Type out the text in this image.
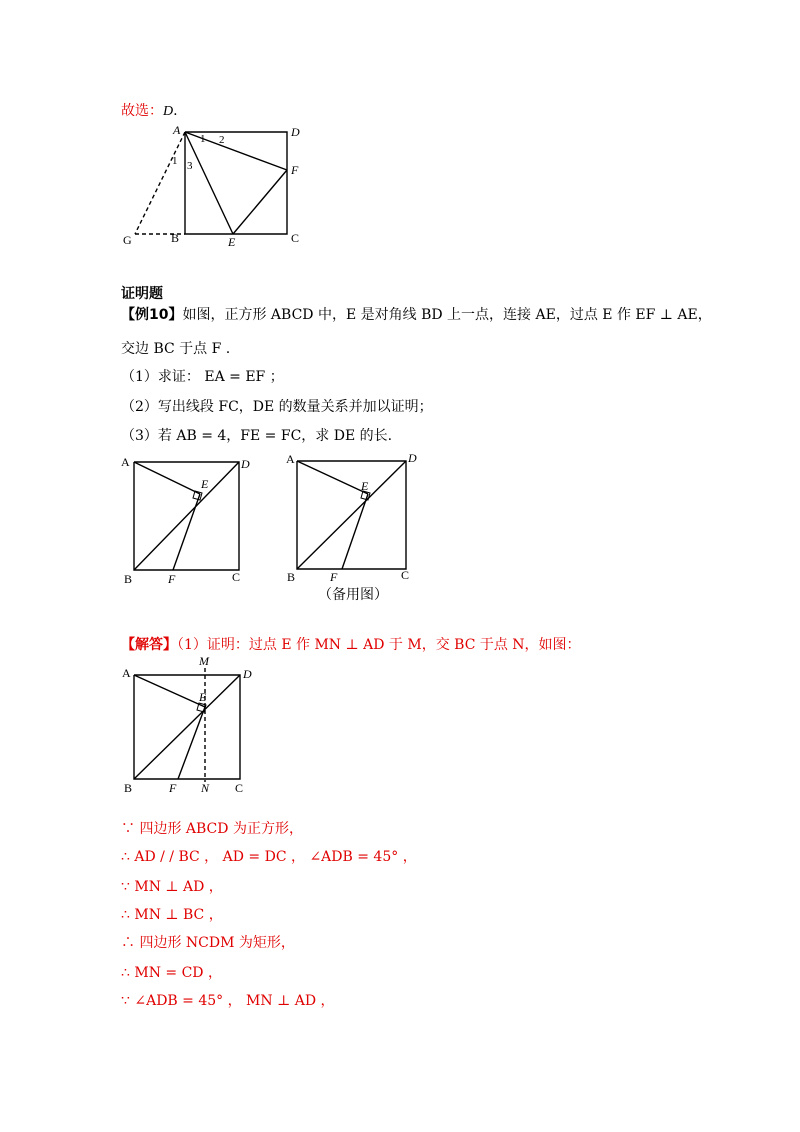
故选：D.
A	D
F
B	C
G	E
1 2
1 3
证明题
【例10】如图，正方形 ABCD 中，E 是对角线 BD 上一点，连接 AE，过点 E 作 EF ⊥ AE，
交边 BC 于点 F .
（1）求证： EA = EF ；
（2）写出线段 FC，DE 的数量关系并加以证明；
（3）若 AB = 4，FE = FC，求 DE 的长.
A	D
E
B	F	C
A	D
E
B	F	C
（备用图）
【解答】（1）证明：过点 E 作 MN ⊥ AD 于 M，交 BC 于点 N，如图：
M
A	D
E
B	F N C
∵ 四边形 ABCD 为正方形，
∴ AD / / BC ， AD = DC ， ∠ADB = 45° ，
∵ MN ⊥ AD ，
∴ MN ⊥ BC ，
∴ 四边形 NCDM 为矩形，
∴ MN = CD ，
∵ ∠ADB = 45° ， MN ⊥ AD ，
